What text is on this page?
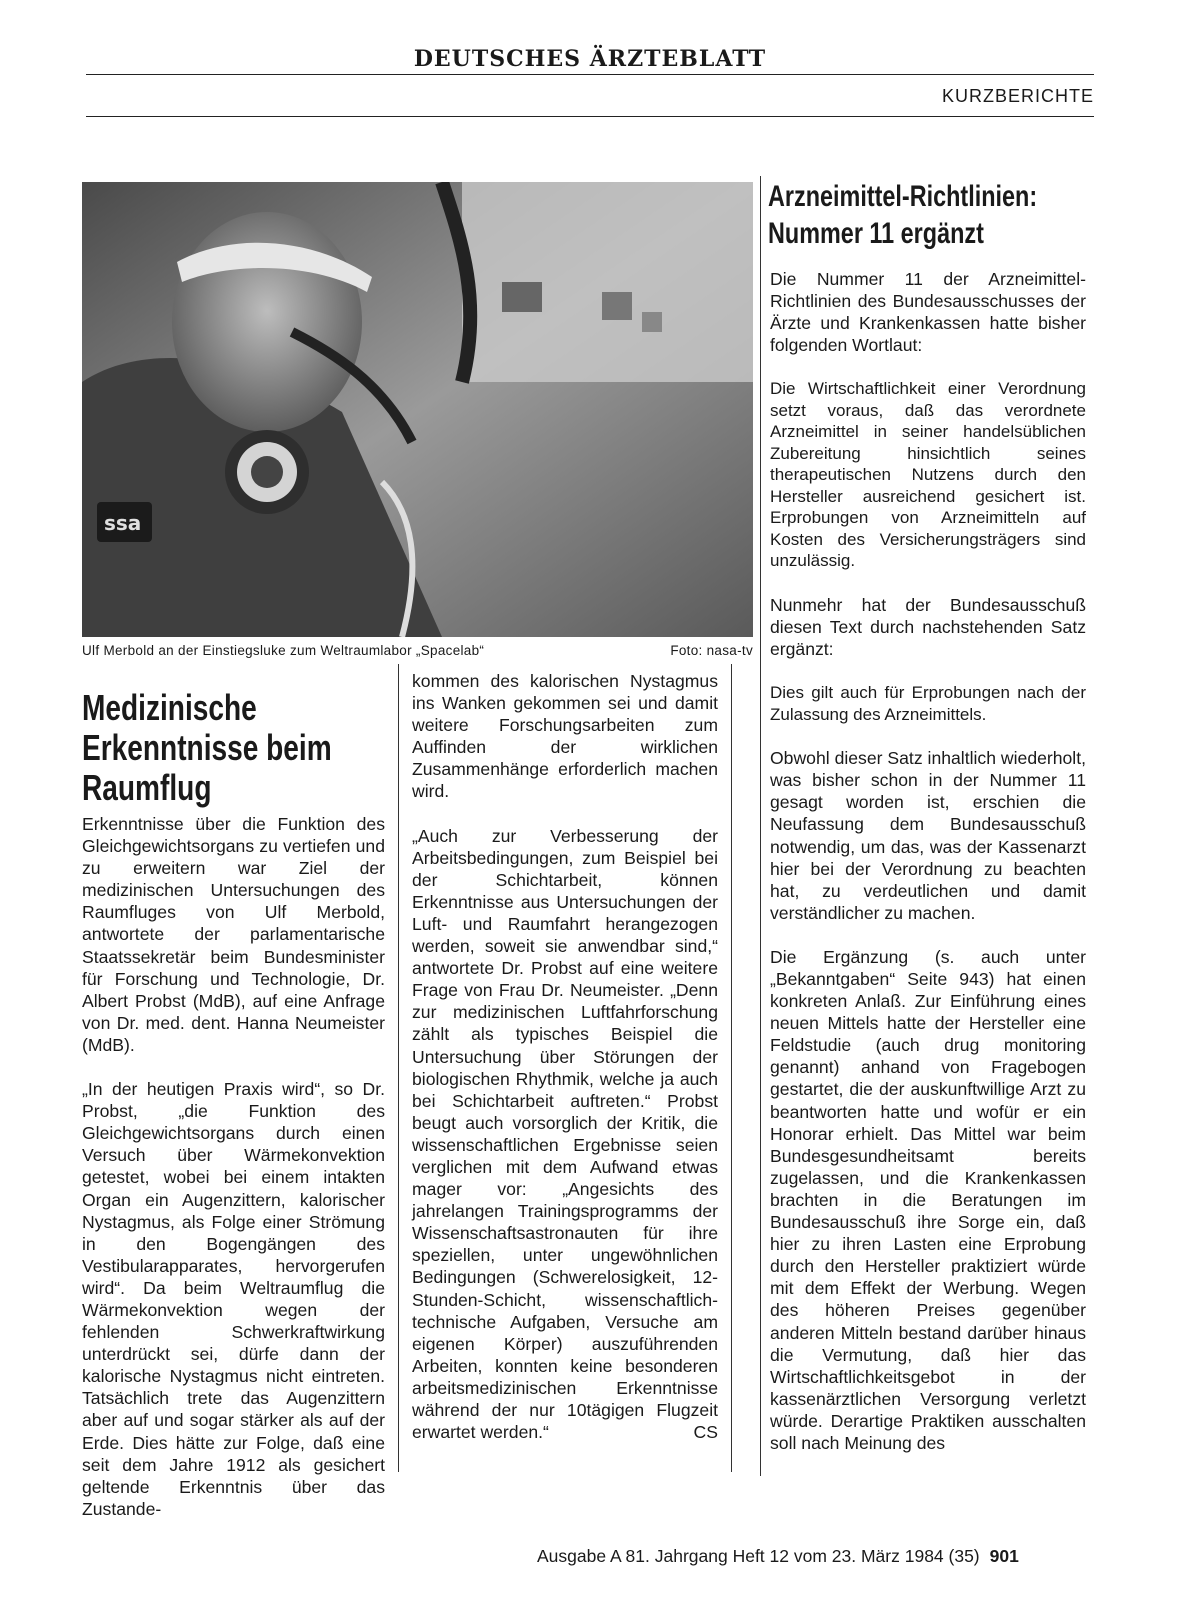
DEUTSCHES ÄRZTEBLATT
KURZBERICHTE
ssa
Ulf Merbold an der Einstiegsluke zum Weltraumlabor „Spacelab“	Foto: nasa-tv
Medizinische Erkenntnisse beim Raumflug

Erkenntnisse über die Funktion des Gleichgewichtsorgans zu vertiefen und zu erweitern war Ziel der medizinischen Untersuchungen des Raumfluges von Ulf Merbold, antwortete der parlamentarische Staatssekretär beim Bundesminister für Forschung und Technologie, Dr. Albert Probst (MdB), auf eine Anfrage von Dr. med. dent. Hanna Neumeister (MdB).

„In der heutigen Praxis wird“, so Dr. Probst, „die Funktion des Gleichgewichtsorgans durch einen Versuch über Wärmekonvektion getestet, wobei bei einem intakten Organ ein Augenzittern, kalorischer Nystagmus, als Folge einer Strömung in den Bogengängen des Vestibularapparates, hervorgerufen wird“. Da beim Weltraumflug die Wärmekonvektion wegen der fehlenden Schwerkraftwirkung unterdrückt sei, dürfe dann der kalorische Nystagmus nicht eintreten. Tatsächlich trete das Augenzittern aber auf und sogar stärker als auf der Erde. Dies hätte zur Folge, daß eine seit dem Jahre 1912 als gesichert geltende Erkenntnis über das Zustande-

kommen des kalorischen Nystagmus ins Wanken gekommen sei und damit weitere Forschungsarbeiten zum Auffinden der wirklichen Zusammenhänge erforderlich machen wird.

„Auch zur Verbesserung der Arbeitsbedingungen, zum Beispiel bei der Schichtarbeit, können Erkenntnisse aus Untersuchungen der Luft- und Raumfahrt herangezogen werden, soweit sie anwendbar sind,“ antwortete Dr. Probst auf eine weitere Frage von Frau Dr. Neumeister. „Denn zur medizinischen Luftfahrforschung zählt als typisches Beispiel die Untersuchung über Störungen der biologischen Rhythmik, welche ja auch bei Schichtarbeit auftreten.“ Probst beugt auch vorsorglich der Kritik, die wissenschaftlichen Ergebnisse seien verglichen mit dem Aufwand etwas mager vor: „Angesichts des jahrelangen Trainingsprogramms der Wissenschaftsastronauten für ihre speziellen, unter ungewöhnlichen Bedingungen (Schwerelosigkeit, 12-Stunden-Schicht, wissenschaftlich-technische Aufgaben, Versuche am eigenen Körper) auszuführenden Arbeiten, konnten keine besonderen arbeitsmedizinischen Erkenntnisse während der nur 10tägigen Flugzeit erwartet werden.“	CS

Arzneimittel-Richtlinien:
Nummer 11 ergänzt

Die Nummer 11 der Arzneimittel-Richtlinien des Bundesausschusses der Ärzte und Krankenkassen hatte bisher folgenden Wortlaut:

Die Wirtschaftlichkeit einer Verordnung setzt voraus, daß das verordnete Arzneimittel in seiner handelsüblichen Zubereitung hinsichtlich seines therapeutischen Nutzens durch den Hersteller ausreichend gesichert ist. Erprobungen von Arzneimitteln auf Kosten des Versicherungsträgers sind unzulässig.

Nunmehr hat der Bundesausschuß diesen Text durch nachstehenden Satz ergänzt:

Dies gilt auch für Erprobungen nach der Zulassung des Arzneimittels.

Obwohl dieser Satz inhaltlich wiederholt, was bisher schon in der Nummer 11 gesagt worden ist, erschien die Neufassung dem Bundesausschuß notwendig, um das, was der Kassenarzt hier bei der Verordnung zu beachten hat, zu verdeutlichen und damit verständlicher zu machen.

Die Ergänzung (s. auch unter „Bekanntgaben“ Seite 943) hat einen konkreten Anlaß. Zur Einführung eines neuen Mittels hatte der Hersteller eine Feldstudie (auch drug monitoring genannt) anhand von Fragebogen gestartet, die der auskunftwillige Arzt zu beantworten hatte und wofür er ein Honorar erhielt. Das Mittel war beim Bundesgesundheitsamt bereits zugelassen, und die Krankenkassen brachten in die Beratungen im Bundesausschuß ihre Sorge ein, daß hier zu ihren Lasten eine Erprobung durch den Hersteller praktiziert würde mit dem Effekt der Werbung. Wegen des höheren Preises gegenüber anderen Mitteln bestand darüber hinaus die Vermutung, daß hier das Wirtschaftlichkeitsgebot in der kassenärztlichen Versorgung verletzt würde. Derartige Praktiken ausschalten soll nach Meinung des

Ausgabe A 81. Jahrgang Heft 12 vom 23. März 1984 (35) 901
